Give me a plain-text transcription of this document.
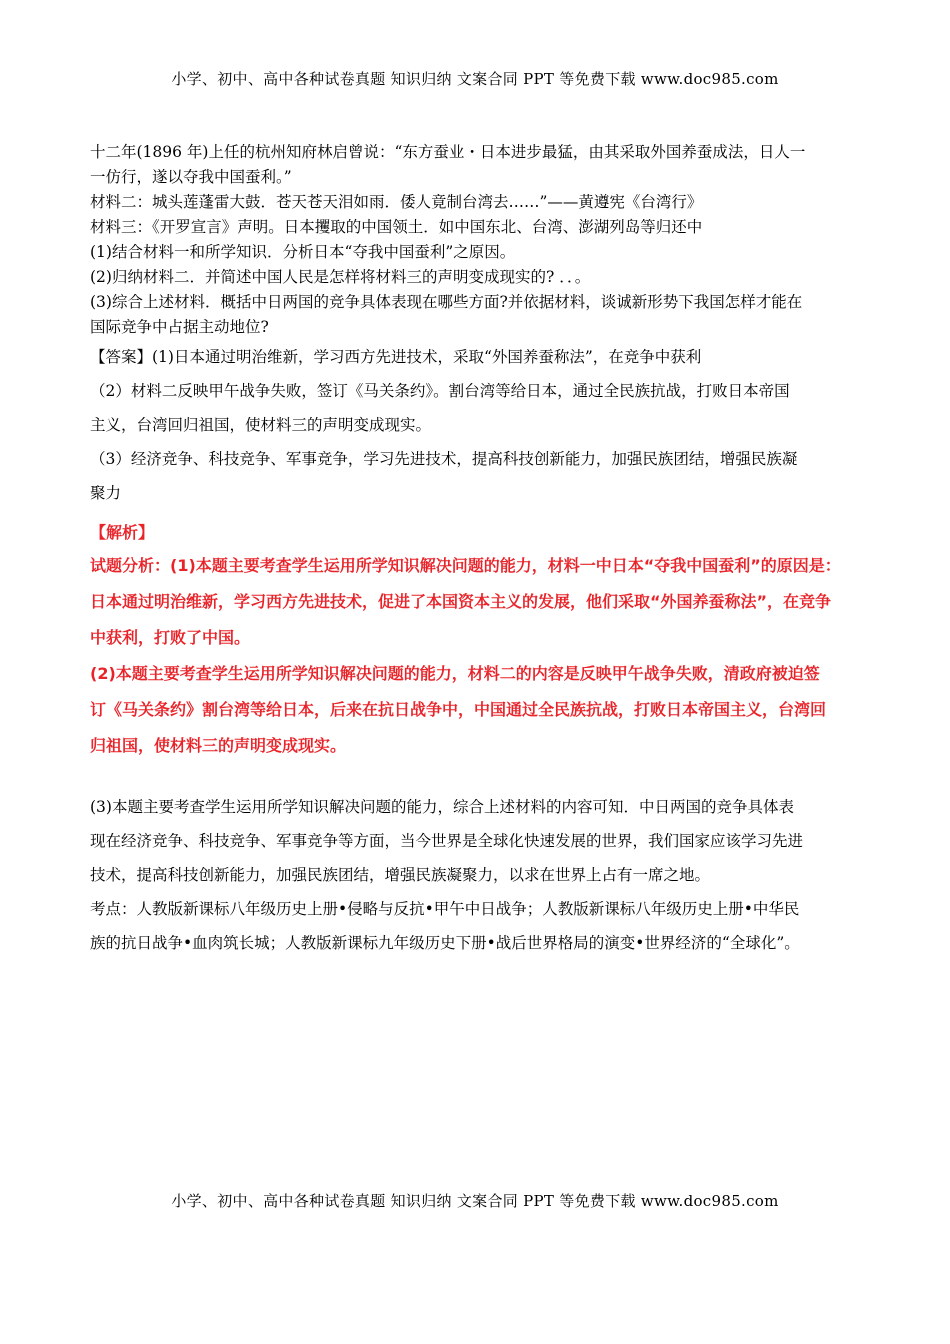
小学、初中、高中各种试卷真题 知识归纳 文案合同 PPT 等免费下载 www.doc985.com

十二年(1896 年)上任的杭州知府林启曾说：“东方蚕业・日本进步最猛，由其采取外国养蚕成法，日人一

一仿行，遂以夺我中国蚕利。”

材料二：城头莲蓬雷大鼓．苍天苍天泪如雨．倭人竟制台湾去……”——黄遵宪《台湾行》

材料三：《开罗宣言》声明。日本攫取的中国领土．如中国东北、台湾、澎湖列岛等归还中

(1)结合材料一和所学知识．分析日本“夺我中国蚕利”之原因。

(2)归纳材料二．并简述中国人民是怎样将材料三的声明变成现实的? ．．。

(3)综合上述材料．概括中日两国的竞争具体表现在哪些方面?并依据材料，谈诚新形势下我国怎样才能在

国际竞争中占据主动地位?

【答案】(1)日本通过明治维新，学习西方先进技术，采取“外国养蚕称法”，在竞争中获利

（2）材料二反映甲午战争失败，签订《马关条约》。割台湾等给日本，通过全民族抗战，打败日本帝国

主义，台湾回归祖国，使材料三的声明变成现实。

（3）经济竞争、科技竞争、军事竞争，学习先进技术，提高科技创新能力，加强民族团结，增强民族凝

聚力

【解析】

试题分析：(1)本题主要考查学生运用所学知识解决问题的能力，材料一中日本“夺我中国蚕利”的原因是：

日本通过明治维新，学习西方先进技术，促进了本国资本主义的发展，他们采取“外国养蚕称法”，在竞争

中获利，打败了中国。

(2)本题主要考查学生运用所学知识解决问题的能力，材料二的内容是反映甲午战争失败，清政府被迫签

订《马关条约》割台湾等给日本，后来在抗日战争中，中国通过全民族抗战，打败日本帝国主义，台湾回

归祖国，使材料三的声明变成现实。

(3)本题主要考查学生运用所学知识解决问题的能力，综合上述材料的内容可知．中日两国的竞争具体表

现在经济竞争、科技竞争、军事竞争等方面，当今世界是全球化快速发展的世界，我们国家应该学习先进

技术，提高科技创新能力，加强民族团结，增强民族凝聚力，以求在世界上占有一席之地。

考点：人教版新课标八年级历史上册•侵略与反抗•甲午中日战争；人教版新课标八年级历史上册•中华民

族的抗日战争•血肉筑长城；人教版新课标九年级历史下册•战后世界格局的演变•世界经济的“全球化”。

小学、初中、高中各种试卷真题 知识归纳 文案合同 PPT 等免费下载 www.doc985.com
